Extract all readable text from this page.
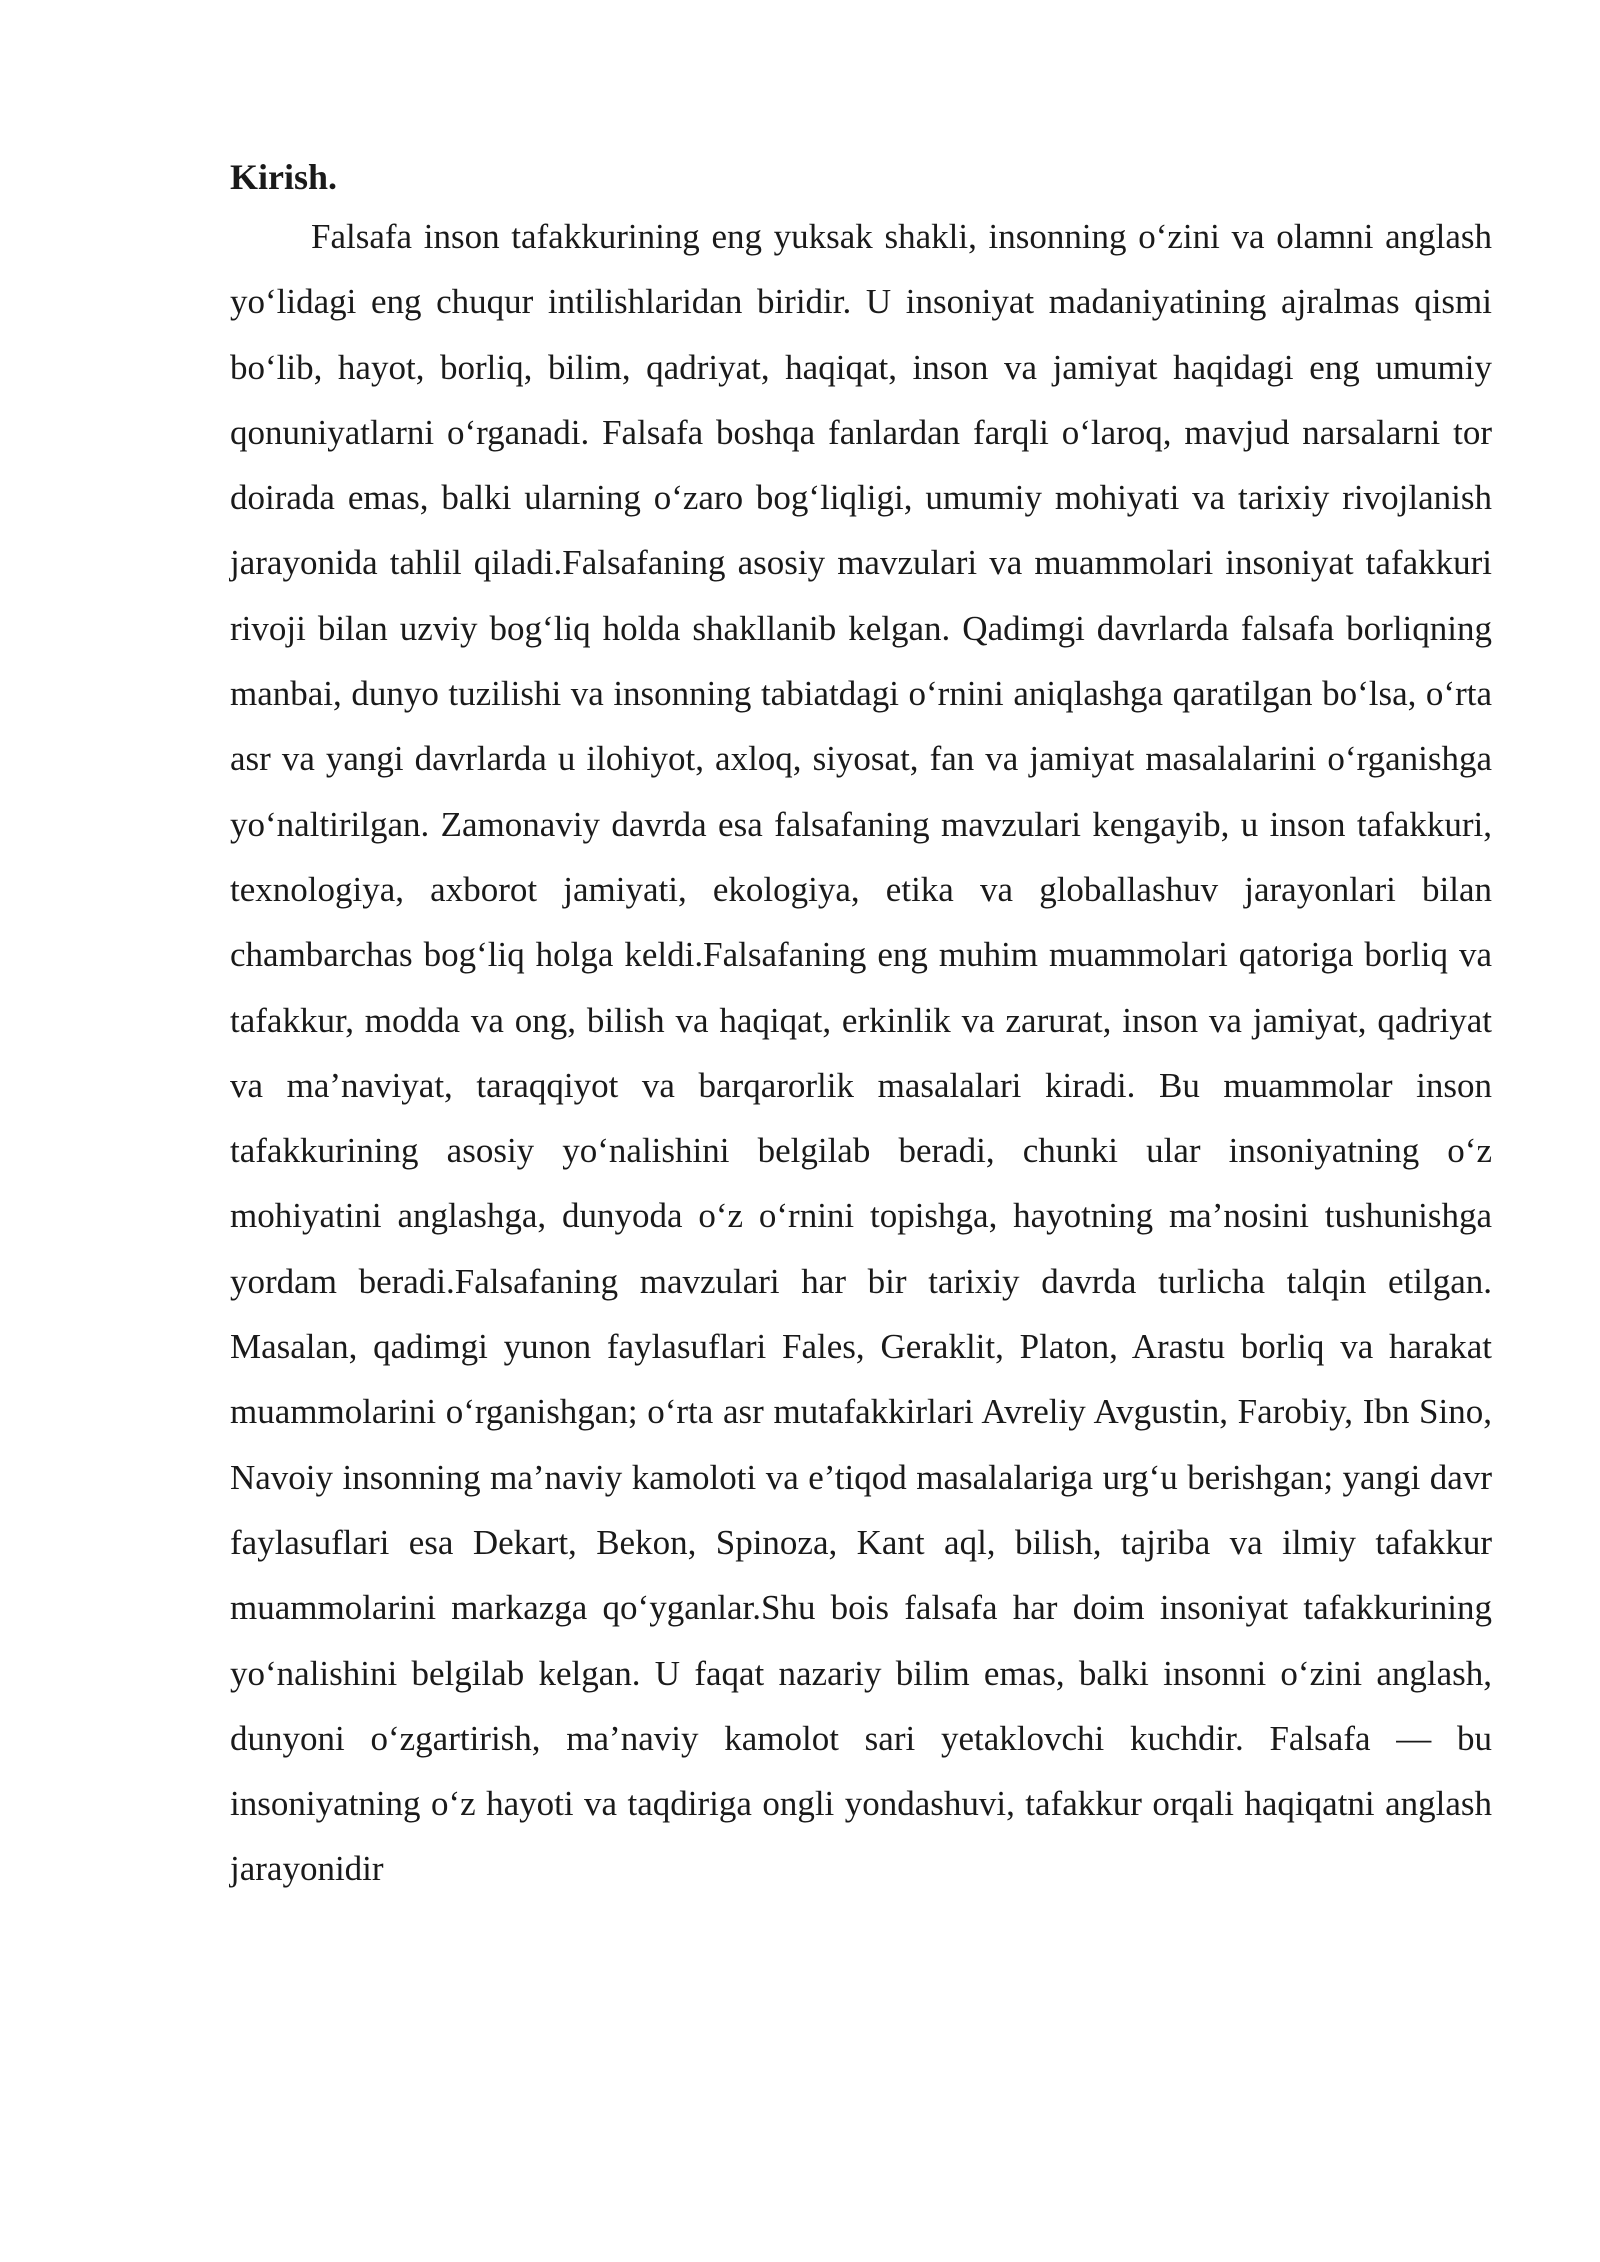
Kirish.

Falsafa inson tafakkurining eng yuksak shakli, insonning o‘zini va olamni anglash yo‘lidagi eng chuqur intilishlaridan biridir. U insoniyat madaniyatining ajralmas qismi bo‘lib, hayot, borliq, bilim, qadriyat, haqiqat, inson va jamiyat haqidagi eng umumiy qonuniyatlarni o‘rganadi. Falsafa boshqa fanlardan farqli o‘laroq, mavjud narsalarni tor doirada emas, balki ularning o‘zaro bog‘liqligi, umumiy mohiyati va tarixiy rivojlanish jarayonida tahlil qiladi.Falsafaning asosiy mavzulari va muammolari insoniyat tafakkuri rivoji bilan uzviy bog‘liq holda shakllanib kelgan. Qadimgi davrlarda falsafa borliqning manbai, dunyo tuzilishi va insonning tabiatdagi o‘rnini aniqlashga qaratilgan bo‘lsa, o‘rta asr va yangi davrlarda u ilohiyot, axloq, siyosat, fan va jamiyat masalalarini o‘rganishga yo‘naltirilgan. Zamonaviy davrda esa falsafaning mavzulari kengayib, u inson tafakkuri, texnologiya, axborot jamiyati, ekologiya, etika va globallashuv jarayonlari bilan chambarchas bog‘liq holga keldi.Falsafaning eng muhim muammolari qatoriga borliq va tafakkur, modda va ong, bilish va haqiqat, erkinlik va zarurat, inson va jamiyat, qadriyat va ma’naviyat, taraqqiyot va barqarorlik masalalari kiradi. Bu muammolar inson tafakkurining asosiy yo‘nalishini belgilab beradi, chunki ular insoniyatning o‘z mohiyatini anglashga, dunyoda o‘z o‘rnini topishga, hayotning ma’nosini tushunishga yordam beradi.Falsafaning mavzulari har bir tarixiy davrda turlicha talqin etilgan. Masalan, qadimgi yunon faylasuflari Fales, Geraklit, Platon, Arastu borliq va harakat muammolarini o‘rganishgan; o‘rta asr mutafakkirlari Avreliy Avgustin, Farobiy, Ibn Sino, Navoiy insonning ma’naviy kamoloti va e’tiqod masalalariga urg‘u berishgan; yangi davr faylasuflari esa Dekart, Bekon, Spinoza, Kant aql, bilish, tajriba va ilmiy tafakkur muammolarini markazga qo‘yganlar.Shu bois falsafa har doim insoniyat tafakkurining yo‘nalishini belgilab kelgan. U faqat nazariy bilim emas, balki insonni o‘zini anglash, dunyoni o‘zgartirish, ma’naviy kamolot sari yetaklovchi kuchdir. Falsafa — bu insoniyatning o‘z hayoti va taqdiriga ongli yondashuvi, tafakkur orqali haqiqatni anglash jarayonidir
